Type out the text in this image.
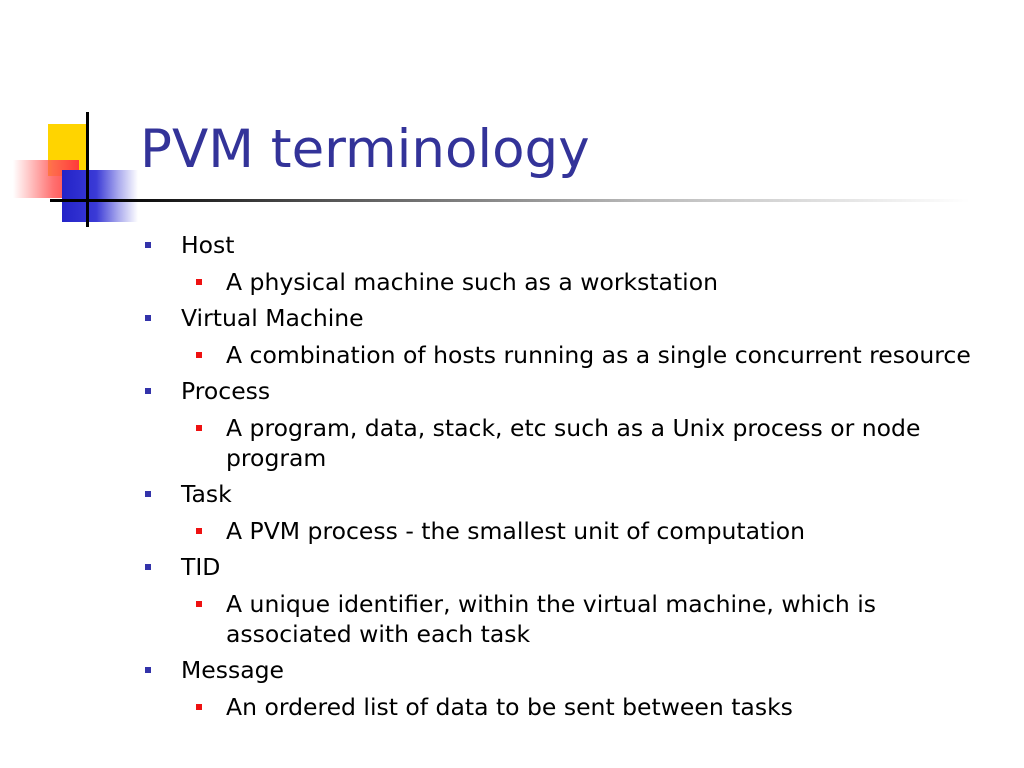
PVM terminology
Host
A physical machine such as a workstation
Virtual Machine
A combination of hosts running as a single concurrent resource
Process
A program, data, stack, etc such as a Unix process or node program
Task
A PVM process - the smallest unit of computation
TID
A unique identifier, within the virtual machine, which is associated with each task
Message
An ordered list of data to be sent between tasks
